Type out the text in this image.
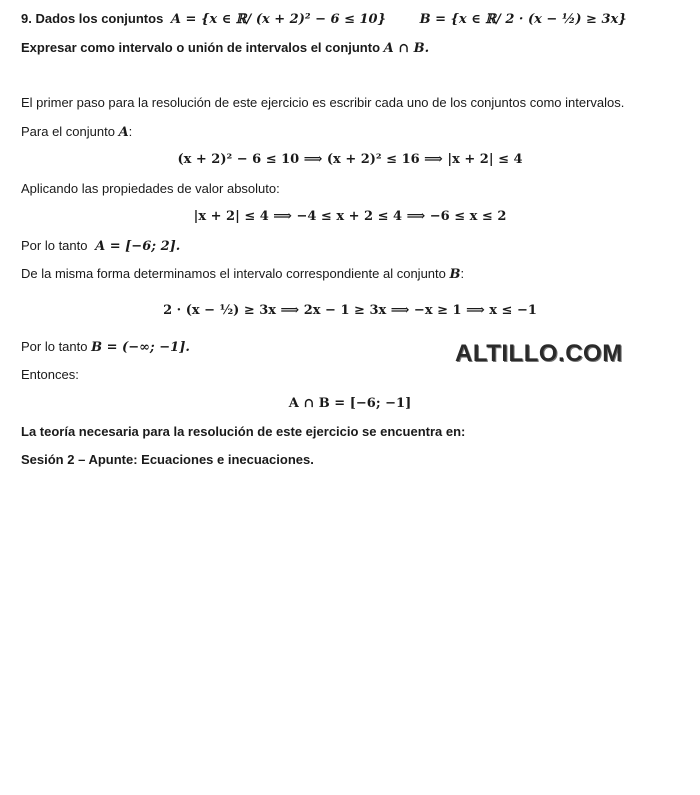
9. Dados los conjuntos A = {x ∈ ℝ/ (x + 2)² − 6 ≤ 10}	B = {x ∈ ℝ/ 2 · (x − ½) ≥ 3x}
Expresar como intervalo o unión de intervalos el conjunto A ∩ B.
El primer paso para la resolución de este ejercicio es escribir cada uno de los conjuntos como intervalos.
Para el conjunto A:
(x + 2)² − 6 ≤ 10 ⟹ (x + 2)² ≤ 16 ⟹ |x + 2| ≤ 4
Aplicando las propiedades de valor absoluto:
|x + 2| ≤ 4 ⟹ −4 ≤ x + 2 ≤ 4 ⟹ −6 ≤ x ≤ 2
Por lo tanto A = [−6; 2].
De la misma forma determinamos el intervalo correspondiente al conjunto B:
2 · (x − ½) ≥ 3x ⟹ 2x − 1 ≥ 3x ⟹ −x ≥ 1 ⟹ x ≤ −1
Por lo tanto B = (−∞; −1].	ALTILLO.COM
Entonces:
A ∩ B = [−6; −1]
La teoría necesaria para la resolución de este ejercicio se encuentra en:
Sesión 2 – Apunte: Ecuaciones e inecuaciones.
